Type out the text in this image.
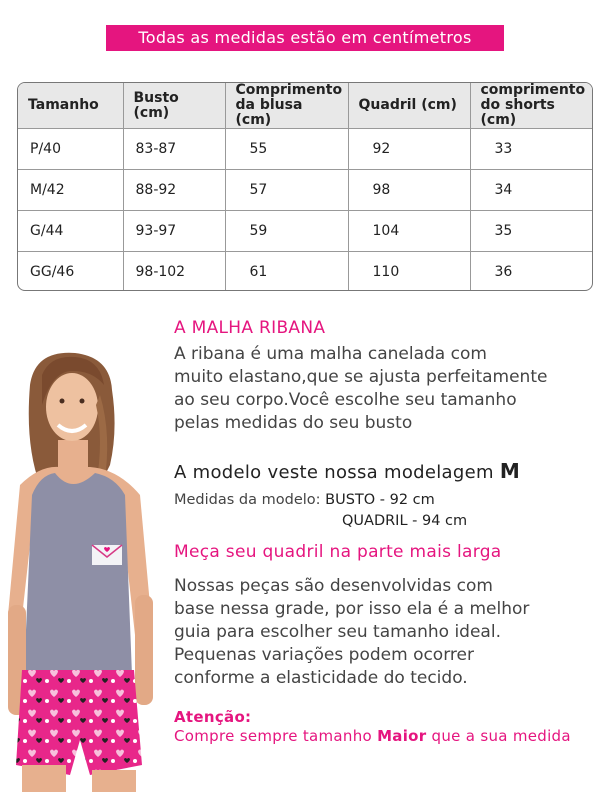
Todas as medidas estão em centímetros
Tamanho	Busto (cm)	Comprimento da blusa (cm)	Quadril (cm)	comprimento do shorts (cm)
P/40	83-87	55	92	33
M/42	88-92	57	98	34
G/44	93-97	59	104	35
GG/46	98-102	61	110	36
A MALHA RIBANA
A ribana é uma malha canelada com
muito elastano,que se ajusta perfeitamente
ao seu corpo.Você escolhe seu tamanho
pelas medidas do seu busto
A modelo veste nossa modelagem M
Medidas da modelo: BUSTO - 92 cm
QUADRIL - 94 cm
Meça seu quadril na parte mais larga
Nossas peças são desenvolvidas com
base nessa grade, por isso ela é a melhor
guia para escolher seu tamanho ideal.
Pequenas variações podem ocorrer
conforme a elasticidade do tecido.
Atenção:
Compre sempre tamanho Maior que a sua medida
